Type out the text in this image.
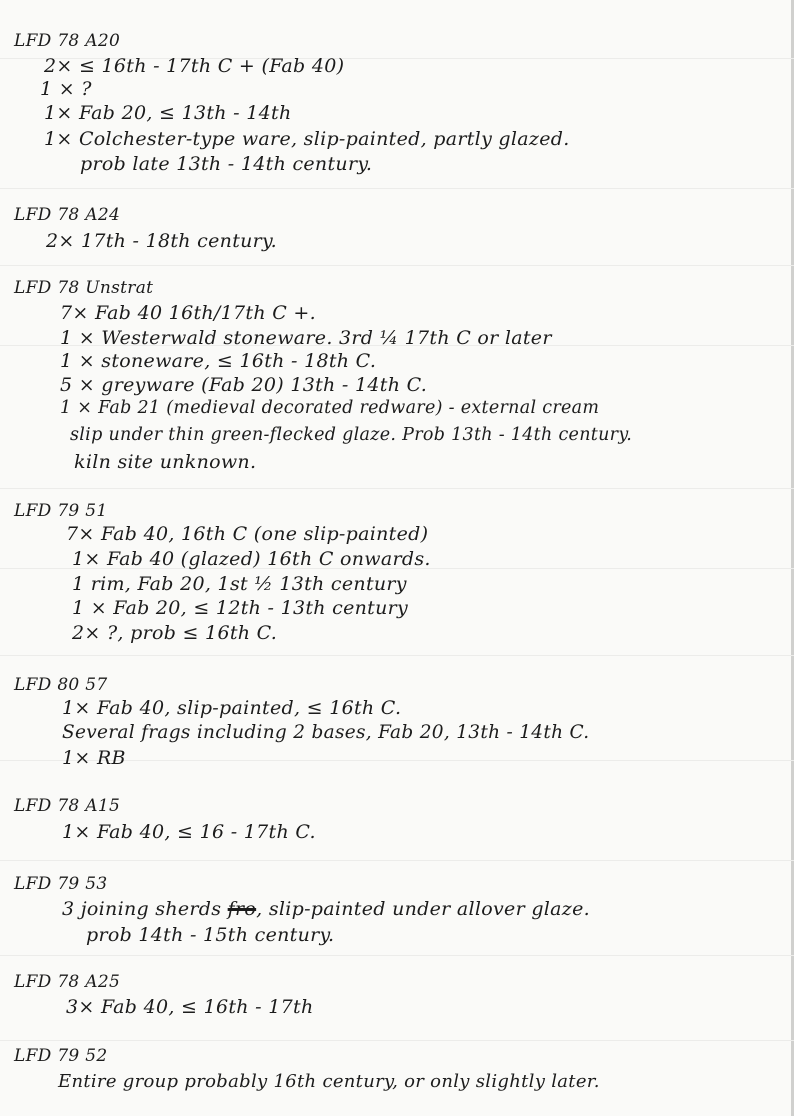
LFD 78 A20
2× ≤ 16th - 17th C + (Fab 40)
1 × ?
1× Fab 20, ≤ 13th - 14th
1× Colchester-type ware, slip-painted, partly glazed.
prob late 13th - 14th century.
LFD 78 A24
2× 17th - 18th century.
LFD 78 Unstrat
7× Fab 40 16th/17th C +.
1 × Westerwald stoneware. 3rd ¼ 17th C or later
1 × stoneware, ≤ 16th - 18th C.
5 × greyware (Fab 20) 13th - 14th C.
1 × Fab 21 (medieval decorated redware) - external cream
slip under thin green-flecked glaze. Prob 13th - 14th century.
kiln site unknown.
LFD 79 51
7× Fab 40, 16th C (one slip-painted)
1× Fab 40 (glazed) 16th C onwards.
1 rim, Fab 20, 1st ½ 13th century
1 × Fab 20, ≤ 12th - 13th century
2× ?, prob ≤ 16th C.
LFD 80 57
1× Fab 40, slip-painted, ≤ 16th C.
Several frags including 2 bases, Fab 20, 13th - 14th C.
1× RB
LFD 78 A15
1× Fab 40, ≤ 16 - 17th C.
LFD 79 53
3 joining sherds fro, slip-painted under allover glaze.
prob 14th - 15th century.
LFD 78 A25
3× Fab 40, ≤ 16th - 17th
LFD 79 52
Entire group probably 16th century, or only slightly later.
